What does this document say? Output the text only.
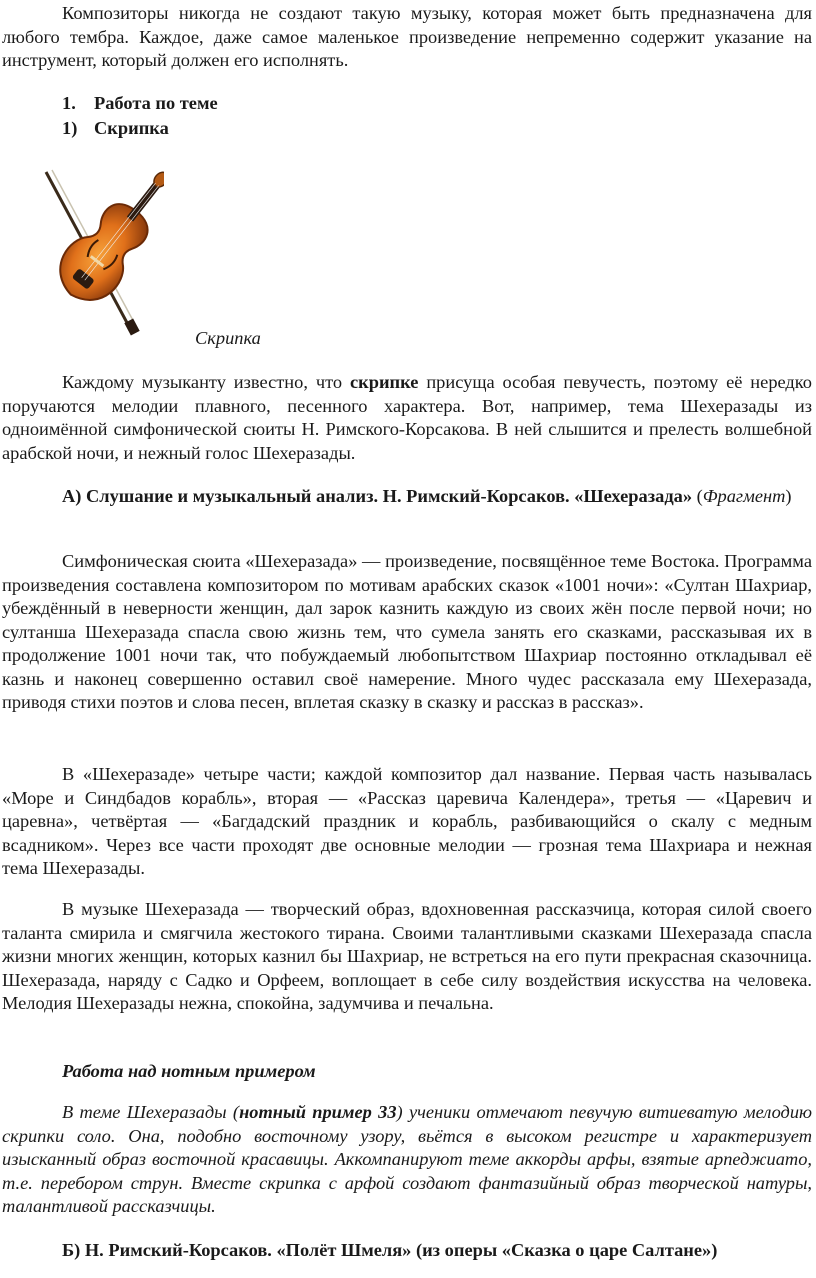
Композиторы никогда не создают такую музыку, которая может быть предназначена для любого тембра. Каждое, даже самое маленькое произведение непременно содержит указание на инструмент, который должен его исполнять.

1. Работа по теме
1) Скрипка
Скрипка

Каждому музыканту известно, что скрипке присуща особая певучесть, поэтому её нередко поручаются мелодии плавного, песенного характера. Вот, например, тема Шехеразады из одноимённой симфонической сюиты Н. Римского-Корсакова. В ней слышится и прелесть волшебной арабской ночи, и нежный голос Шехеразады.

А) Слушание и музыкальный анализ. Н. Римский-Корсаков. «Шехеразада» (Фрагмент)

Симфоническая сюита «Шехеразада» — произведение, посвящённое теме Востока. Программа произведения составлена композитором по мотивам арабских сказок «1001 ночи»: «Султан Шахриар, убеждённый в неверности женщин, дал зарок казнить каждую из своих жён после первой ночи; но султанша Шехеразада спасла свою жизнь тем, что сумела занять его сказками, рассказывая их в продолжение 1001 ночи так, что побуждаемый любопытством Шахриар постоянно откладывал её казнь и наконец совершенно оставил своё намерение. Много чудес рассказала ему Шехеразада, приводя стихи поэтов и слова песен, вплетая сказку в сказку и рассказ в рассказ».

В «Шехеразаде» четыре части; каждой композитор дал название. Первая часть называлась «Море и Синдбадов корабль», вторая — «Рассказ царевича Календера», третья — «Царевич и царевна», четвёртая — «Багдадский праздник и корабль, разбивающийся о скалу с медным всадником». Через все части проходят две основные мелодии — грозная тема Шахриара и нежная тема Шехеразады.

В музыке Шехеразада — творческий образ, вдохновенная рассказчица, которая силой своего таланта смирила и смягчила жестокого тирана. Своими талантливыми сказками Шехеразада спасла жизни многих женщин, которых казнил бы Шахриар, не встреться на его пути прекрасная сказочница. Шехеразада, наряду с Садко и Орфеем, воплощает в себе силу воздействия искусства на человека. Мелодия Шехеразады нежна, спокойна, задумчива и печальна.

Работа над нотным примером

В теме Шехеразады (нотный пример 33) ученики отмечают певучую витиеватую мелодию скрипки соло. Она, подобно восточному узору, вьётся в высоком регистре и характеризует изысканный образ восточной красавицы. Аккомпанируют теме аккорды арфы, взятые арпеджиато, т.е. перебором струн. Вместе скрипка с арфой создают фантазийный образ творческой натуры, талантливой рассказчицы.

Б) Н. Римский-Корсаков. «Полёт Шмеля» (из оперы «Сказка о царе Салтане»)
